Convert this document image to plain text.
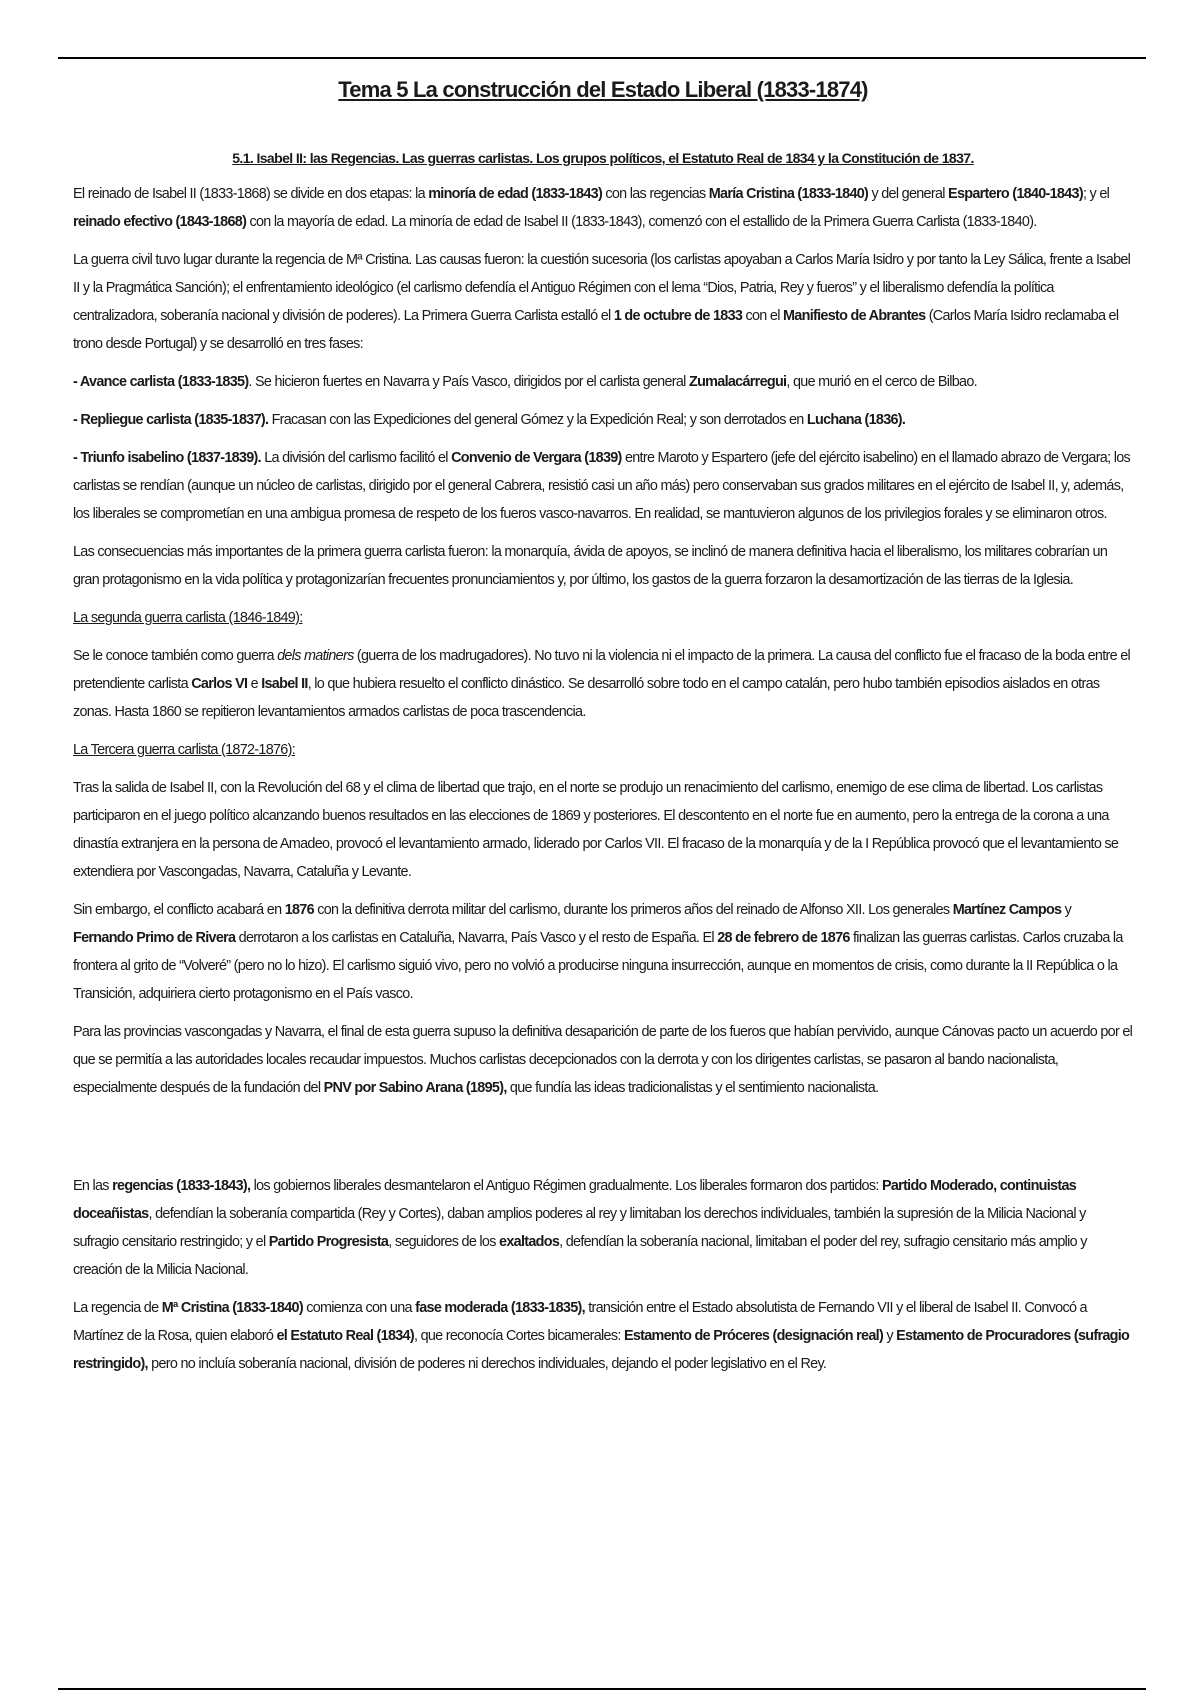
Tema 5 La construcción del Estado Liberal (1833-1874)
5.1. Isabel II: las Regencias. Las guerras carlistas. Los grupos políticos, el Estatuto Real de 1834 y la Constitución de 1837.

El reinado de Isabel II (1833-1868) se divide en dos etapas: la minoría de edad (1833-1843) con las regencias María Cristina (1833-1840) y del general Espartero (1840-1843); y el reinado efectivo (1843-1868) con la mayoría de edad. La minoría de edad de Isabel II (1833-1843), comenzó con el estallido de la Primera Guerra Carlista (1833-1840).

La guerra civil tuvo lugar durante la regencia de Mª Cristina. Las causas fueron: la cuestión sucesoria (los carlistas apoyaban a Carlos María Isidro y por tanto la Ley Sálica, frente a Isabel II y la Pragmática Sanción); el enfrentamiento ideológico (el carlismo defendía el Antiguo Régimen con el lema “Dios, Patria, Rey y fueros” y el liberalismo defendía la política centralizadora, soberanía nacional y división de poderes). La Primera Guerra Carlista estalló el 1 de octubre de 1833 con el Manifiesto de Abrantes (Carlos María Isidro reclamaba el trono desde Portugal) y se desarrolló en tres fases:

- Avance carlista (1833-1835). Se hicieron fuertes en Navarra y País Vasco, dirigidos por el carlista general Zumalacárregui, que murió en el cerco de Bilbao.

- Repliegue carlista (1835-1837). Fracasan con las Expediciones del general Gómez y la Expedición Real; y son derrotados en Luchana (1836).

- Triunfo isabelino (1837-1839). La división del carlismo facilitó el Convenio de Vergara (1839) entre Maroto y Espartero (jefe del ejército isabelino) en el llamado abrazo de Vergara; los carlistas se rendían (aunque un núcleo de carlistas, dirigido por el general Cabrera, resistió casi un año más) pero conservaban sus grados militares en el ejército de Isabel II, y, además, los liberales se comprometían en una ambigua promesa de respeto de los fueros vasco-navarros. En realidad, se mantuvieron algunos de los privilegios forales y se eliminaron otros.

Las consecuencias más importantes de la primera guerra carlista fueron: la monarquía, ávida de apoyos, se inclinó de manera definitiva hacia el liberalismo, los militares cobrarían un gran protagonismo en la vida política y protagonizarían frecuentes pronunciamientos y, por último, los gastos de la guerra forzaron la desamortización de las tierras de la Iglesia.

La segunda guerra carlista (1846-1849):

Se le conoce también como guerra dels matiners (guerra de los madrugadores). No tuvo ni la violencia ni el impacto de la primera. La causa del conflicto fue el fracaso de la boda entre el pretendiente carlista Carlos VI e Isabel II, lo que hubiera resuelto el conflicto dinástico. Se desarrolló sobre todo en el campo catalán, pero hubo también episodios aislados en otras zonas. Hasta 1860 se repitieron levantamientos armados carlistas de poca trascendencia.

La Tercera guerra carlista (1872-1876):

Tras la salida de Isabel II, con la Revolución del 68 y el clima de libertad que trajo, en el norte se produjo un renacimiento del carlismo, enemigo de ese clima de libertad. Los carlistas participaron en el juego político alcanzando buenos resultados en las elecciones de 1869 y posteriores. El descontento en el norte fue en aumento, pero la entrega de la corona a una dinastía extranjera en la persona de Amadeo, provocó el levantamiento armado, liderado por Carlos VII. El fracaso de la monarquía y de la I República provocó que el levantamiento se extendiera por Vascongadas, Navarra, Cataluña y Levante.

Sin embargo, el conflicto acabará en 1876 con la definitiva derrota militar del carlismo, durante los primeros años del reinado de Alfonso XII. Los generales Martínez Campos y Fernando Primo de Rivera derrotaron a los carlistas en Cataluña, Navarra, País Vasco y el resto de España. El 28 de febrero de 1876 finalizan las guerras carlistas. Carlos cruzaba la frontera al grito de “Volveré” (pero no lo hizo). El carlismo siguió vivo, pero no volvió a producirse ninguna insurrección, aunque en momentos de crisis, como durante la II República o la Transición, adquiriera cierto protagonismo en el País vasco.

Para las provincias vascongadas y Navarra, el final de esta guerra supuso la definitiva desaparición de parte de los fueros que habían pervivido, aunque Cánovas pacto un acuerdo por el que se permitía a las autoridades locales recaudar impuestos. Muchos carlistas decepcionados con la derrota y con los dirigentes carlistas, se pasaron al bando nacionalista, especialmente después de la fundación del PNV por Sabino Arana (1895), que fundía las ideas tradicionalistas y el sentimiento nacionalista.

En las regencias (1833-1843), los gobiernos liberales desmantelaron el Antiguo Régimen gradualmente. Los liberales formaron dos partidos: Partido Moderado, continuistas doceañistas, defendían la soberanía compartida (Rey y Cortes), daban amplios poderes al rey y limitaban los derechos individuales, también la supresión de la Milicia Nacional y sufragio censitario restringido; y el Partido Progresista, seguidores de los exaltados, defendían la soberanía nacional, limitaban el poder del rey, sufragio censitario más amplio y creación de la Milicia Nacional.

La regencia de Mª Cristina (1833-1840) comienza con una fase moderada (1833-1835), transición entre el Estado absolutista de Fernando VII y el liberal de Isabel II. Convocó a Martínez de la Rosa, quien elaboró el Estatuto Real (1834), que reconocía Cortes bicamerales: Estamento de Próceres (designación real) y Estamento de Procuradores (sufragio restringido), pero no incluía soberanía nacional, división de poderes ni derechos individuales, dejando el poder legislativo en el Rey.
